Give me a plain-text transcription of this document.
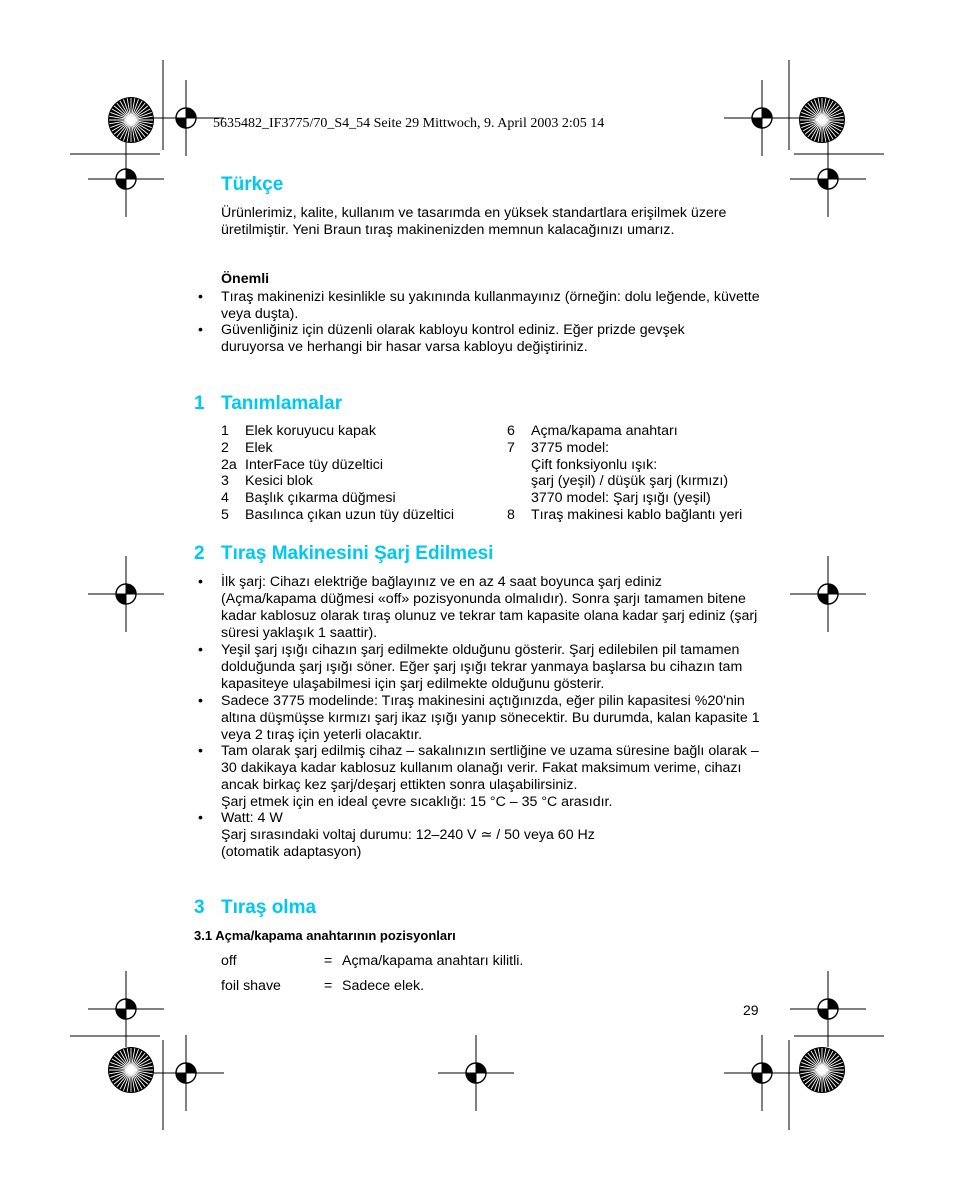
5635482_IF3775/70_S4_54 Seite 29 Mittwoch, 9. April 2003 2:05 14
Türkçe
Ürünlerimiz, kalite, kullanım ve tasarımda en yüksek standartlara erişilmek üzere üretilmiştir. Yeni Braun tıraş makinenizden memnun kalacağınızı umarız.
Önemli
• Tıraş makinenizi kesinlikle su yakınında kullanmayınız (örneğin: dolu leğende, küvette veya duşta).
• Güvenliğiniz için düzenli olarak kabloyu kontrol ediniz. Eğer prizde gevşek duruyorsa ve herhangi bir hasar varsa kabloyu değiştiriniz.
1 Tanımlamalar
1 Elek koruyucu kapak
2 Elek
2a InterFace tüy düzeltici
3 Kesici blok
4 Başlık çıkarma düğmesi
5 Basılınca çıkan uzun tüy düzeltici
6 Açma/kapama anahtarı
7 3775 model:
Çift fonksiyonlu ışık:
şarj (yeşil) / düşük şarj (kırmızı)
3770 model: Şarj ışığı (yeşil)
8 Tıraş makinesi kablo bağlantı yeri
2 Tıraş Makinesini Şarj Edilmesi
• İlk şarj: Cihazı elektriğe bağlayınız ve en az 4 saat boyunca şarj ediniz (Açma/kapama düğmesi «off» pozisyonunda olmalıdır). Sonra şarjı tamamen bitene kadar kablosuz olarak tıraş olunuz ve tekrar tam kapasite olana kadar şarj ediniz (şarj süresi yaklaşık 1 saattir).
• Yeşil şarj ışığı cihazın şarj edilmekte olduğunu gösterir. Şarj edilebilen pil tamamen dolduğunda şarj ışığı söner. Eğer şarj ışığı tekrar yanmaya başlarsa bu cihazın tam kapasiteye ulaşabilmesi için şarj edilmekte olduğunu gösterir.
• Sadece 3775 modelinde: Tıraş makinesini açtığınızda, eğer pilin kapasitesi %20'nin altına düşmüşse kırmızı şarj ikaz ışığı yanıp sönecektir. Bu durumda, kalan kapasite 1 veya 2 tıraş için yeterli olacaktır.
• Tam olarak şarj edilmiş cihaz – sakalınızın sertliğine ve uzama süresine bağlı olarak – 30 dakikaya kadar kablosuz kullanım olanağı verir. Fakat maksimum verime, cihazı ancak birkaç kez şarj/deşarj ettikten sonra ulaşabilirsiniz.
Şarj etmek için en ideal çevre sıcaklığı: 15 °C – 35 °C arasıdır.
• Watt: 4 W
Şarj sırasındaki voltaj durumu: 12–240 V ≃ / 50 veya 60 Hz
(otomatik adaptasyon)
3 Tıraş olma
3.1 Açma/kapama anahtarının pozisyonları
off	= Açma/kapama anahtarı kilitli.
foil shave	= Sadece elek.
29
